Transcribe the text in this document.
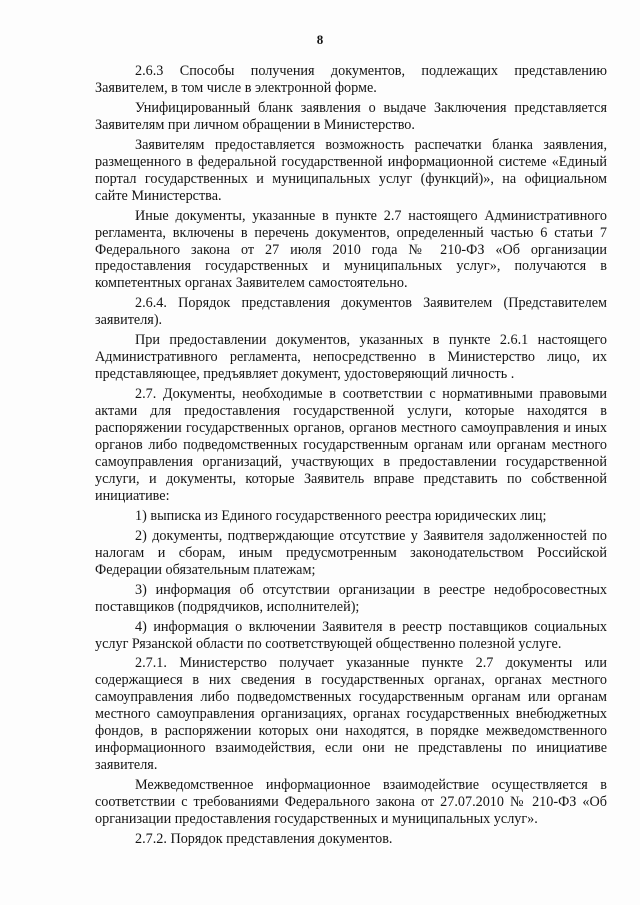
8

2.6.3 Способы получения документов, подлежащих представлению Заявителем, в том числе в электронной форме.

Унифицированный бланк заявления о выдаче Заключения представляется Заявителям при личном обращении в Министерство.

Заявителям предоставляется возможность распечатки бланка заявления, размещенного в федеральной государственной информационной системе «Единый портал государственных и муниципальных услуг (функций)», на официальном сайте Министерства.

Иные документы, указанные в пункте 2.7 настоящего Административного регламента, включены в перечень документов, определенный частью 6 статьи 7 Федерального закона от 27 июля 2010 года № 210-ФЗ «Об организации предоставления государственных и муниципальных услуг», получаются в компетентных органах Заявителем самостоятельно.

2.6.4. Порядок представления документов Заявителем (Представителем заявителя).

При предоставлении документов, указанных в пункте 2.6.1 настоящего Административного регламента, непосредственно в Министерство лицо, их представляющее, предъявляет документ, удостоверяющий личность .

2.7. Документы, необходимые в соответствии с нормативными правовыми актами для предоставления государственной услуги, которые находятся в распоряжении государственных органов, органов местного самоуправления и иных органов либо подведомственных государственным органам или органам местного самоуправления организаций, участвующих в предоставлении государственной услуги, и документы, которые Заявитель вправе представить по собственной инициативе:

1) выписка из Единого государственного реестра юридических лиц;

2) документы, подтверждающие отсутствие у Заявителя задолженностей по налогам и сборам, иным предусмотренным законодательством Российской Федерации обязательным платежам;

3) информация об отсутствии организации в реестре недобросовестных поставщиков (подрядчиков, исполнителей);

4) информация о включении Заявителя в реестр поставщиков социальных услуг Рязанской области по соответствующей общественно полезной услуге.

2.7.1. Министерство получает указанные пункте 2.7 документы или содержащиеся в них сведения в государственных органах, органах местного самоуправления либо подведомственных государственным органам или органам местного самоуправления организациях, органах государственных внебюджетных фондов, в распоряжении которых они находятся, в порядке межведомственного информационного взаимодействия, если они не представлены по инициативе заявителя.

Межведомственное информационное взаимодействие осуществляется в соответствии с требованиями Федерального закона от 27.07.2010 № 210-ФЗ «Об организации предоставления государственных и муниципальных услуг».

2.7.2. Порядок представления документов.
